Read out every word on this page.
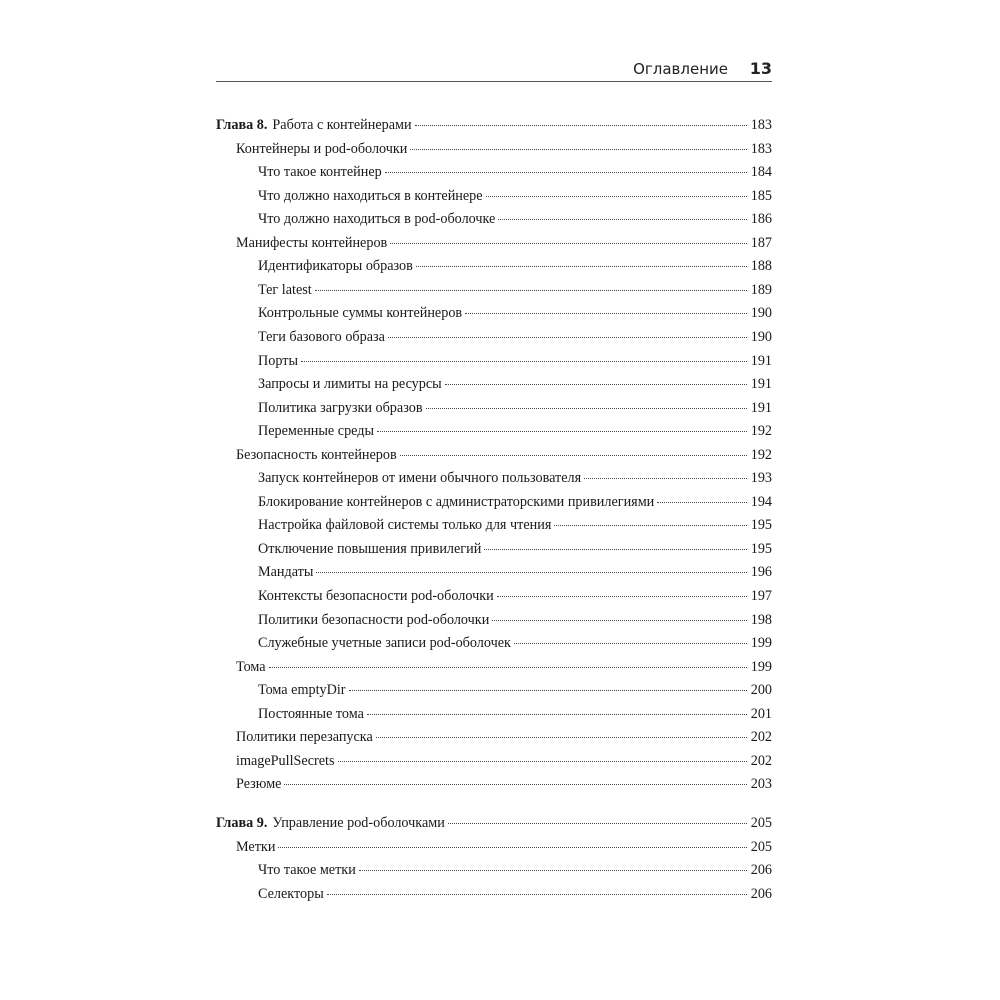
Оглавление 13
Глава 8. Работа с контейнерами	183
Контейнеры и pod-оболочки	183
Что такое контейнер	184
Что должно находиться в контейнере	185
Что должно находиться в pod-оболочке	186
Манифесты контейнеров	187
Идентификаторы образов	188
Тег latest	189
Контрольные суммы контейнеров	190
Теги базового образа	190
Порты	191
Запросы и лимиты на ресурсы	191
Политика загрузки образов	191
Переменные среды	192
Безопасность контейнеров	192
Запуск контейнеров от имени обычного пользователя	193
Блокирование контейнеров с администраторскими привилегиями	194
Настройка файловой системы только для чтения	195
Отключение повышения привилегий	195
Мандаты	196
Контексты безопасности pod-оболочки	197
Политики безопасности pod-оболочки	198
Служебные учетные записи pod-оболочек	199
Тома	199
Тома emptyDir	200
Постоянные тома	201
Политики перезапуска	202
imagePullSecrets	202
Резюме	203
Глава 9. Управление pod-оболочками	205
Метки	205
Что такое метки	206
Селекторы	206
